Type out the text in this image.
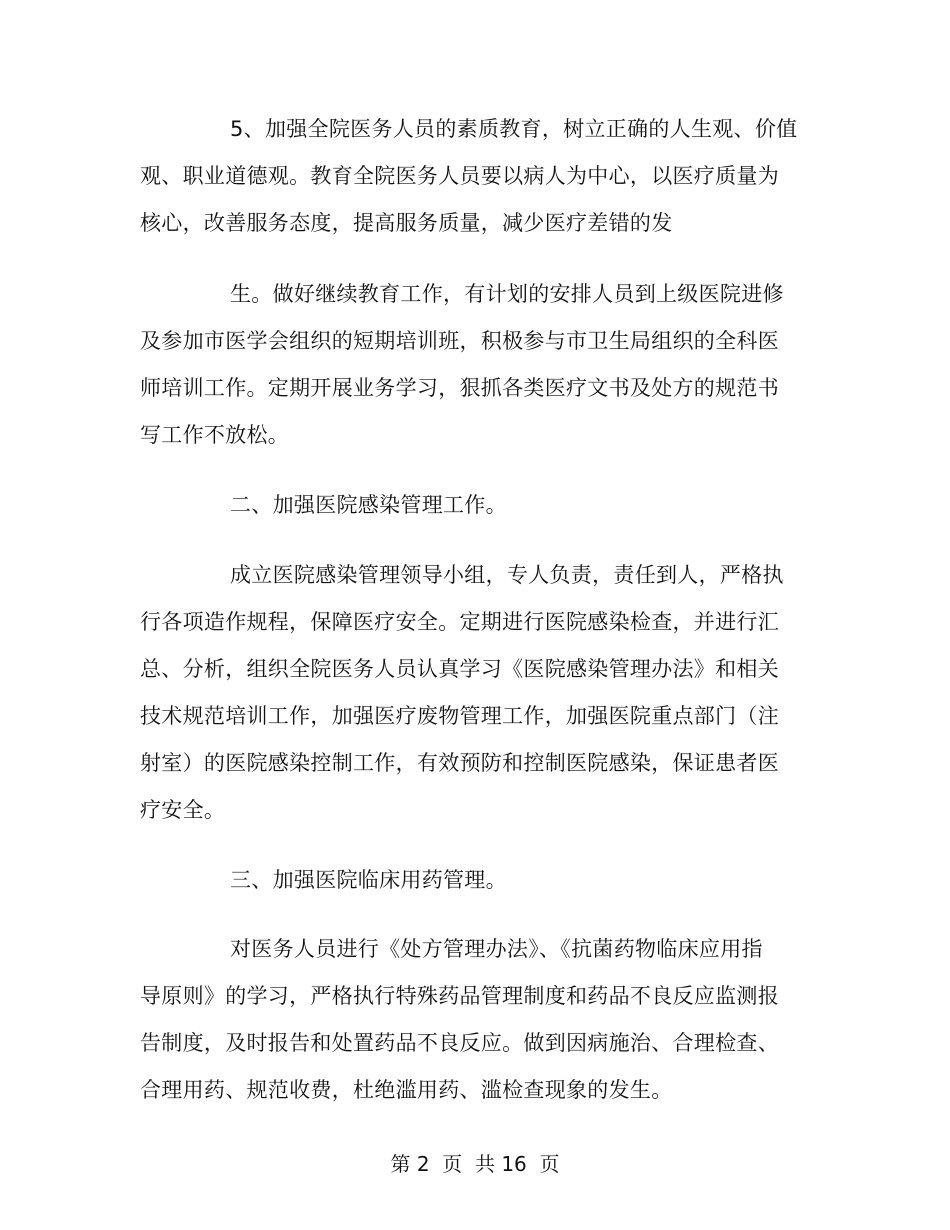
5、加强全院医务人员的素质教育，树立正确的人生观、价值
观、职业道德观。教育全院医务人员要以病人为中心，以医疗质量为
核心，改善服务态度，提高服务质量，减少医疗差错的发
生。做好继续教育工作，有计划的安排人员到上级医院进修
及参加市医学会组织的短期培训班，积极参与市卫生局组织的全科医
师培训工作。定期开展业务学习，狠抓各类医疗文书及处方的规范书
写工作不放松。
二、加强医院感染管理工作。
成立医院感染管理领导小组，专人负责，责任到人，严格执
行各项造作规程，保障医疗安全。定期进行医院感染检查，并进行汇
总、分析，组织全院医务人员认真学习《医院感染管理办法》和相关
技术规范培训工作，加强医疗废物管理工作，加强医院重点部门（注
射室）的医院感染控制工作，有效预防和控制医院感染，保证患者医
疗安全。
三、加强医院临床用药管理。
对医务人员进行《处方管理办法》、《抗菌药物临床应用指
导原则》的学习，严格执行特殊药品管理制度和药品不良反应监测报
告制度，及时报告和处置药品不良反应。做到因病施治、合理检查、
合理用药、规范收费，杜绝滥用药、滥检查现象的发生。
第 2  页  共 16  页
